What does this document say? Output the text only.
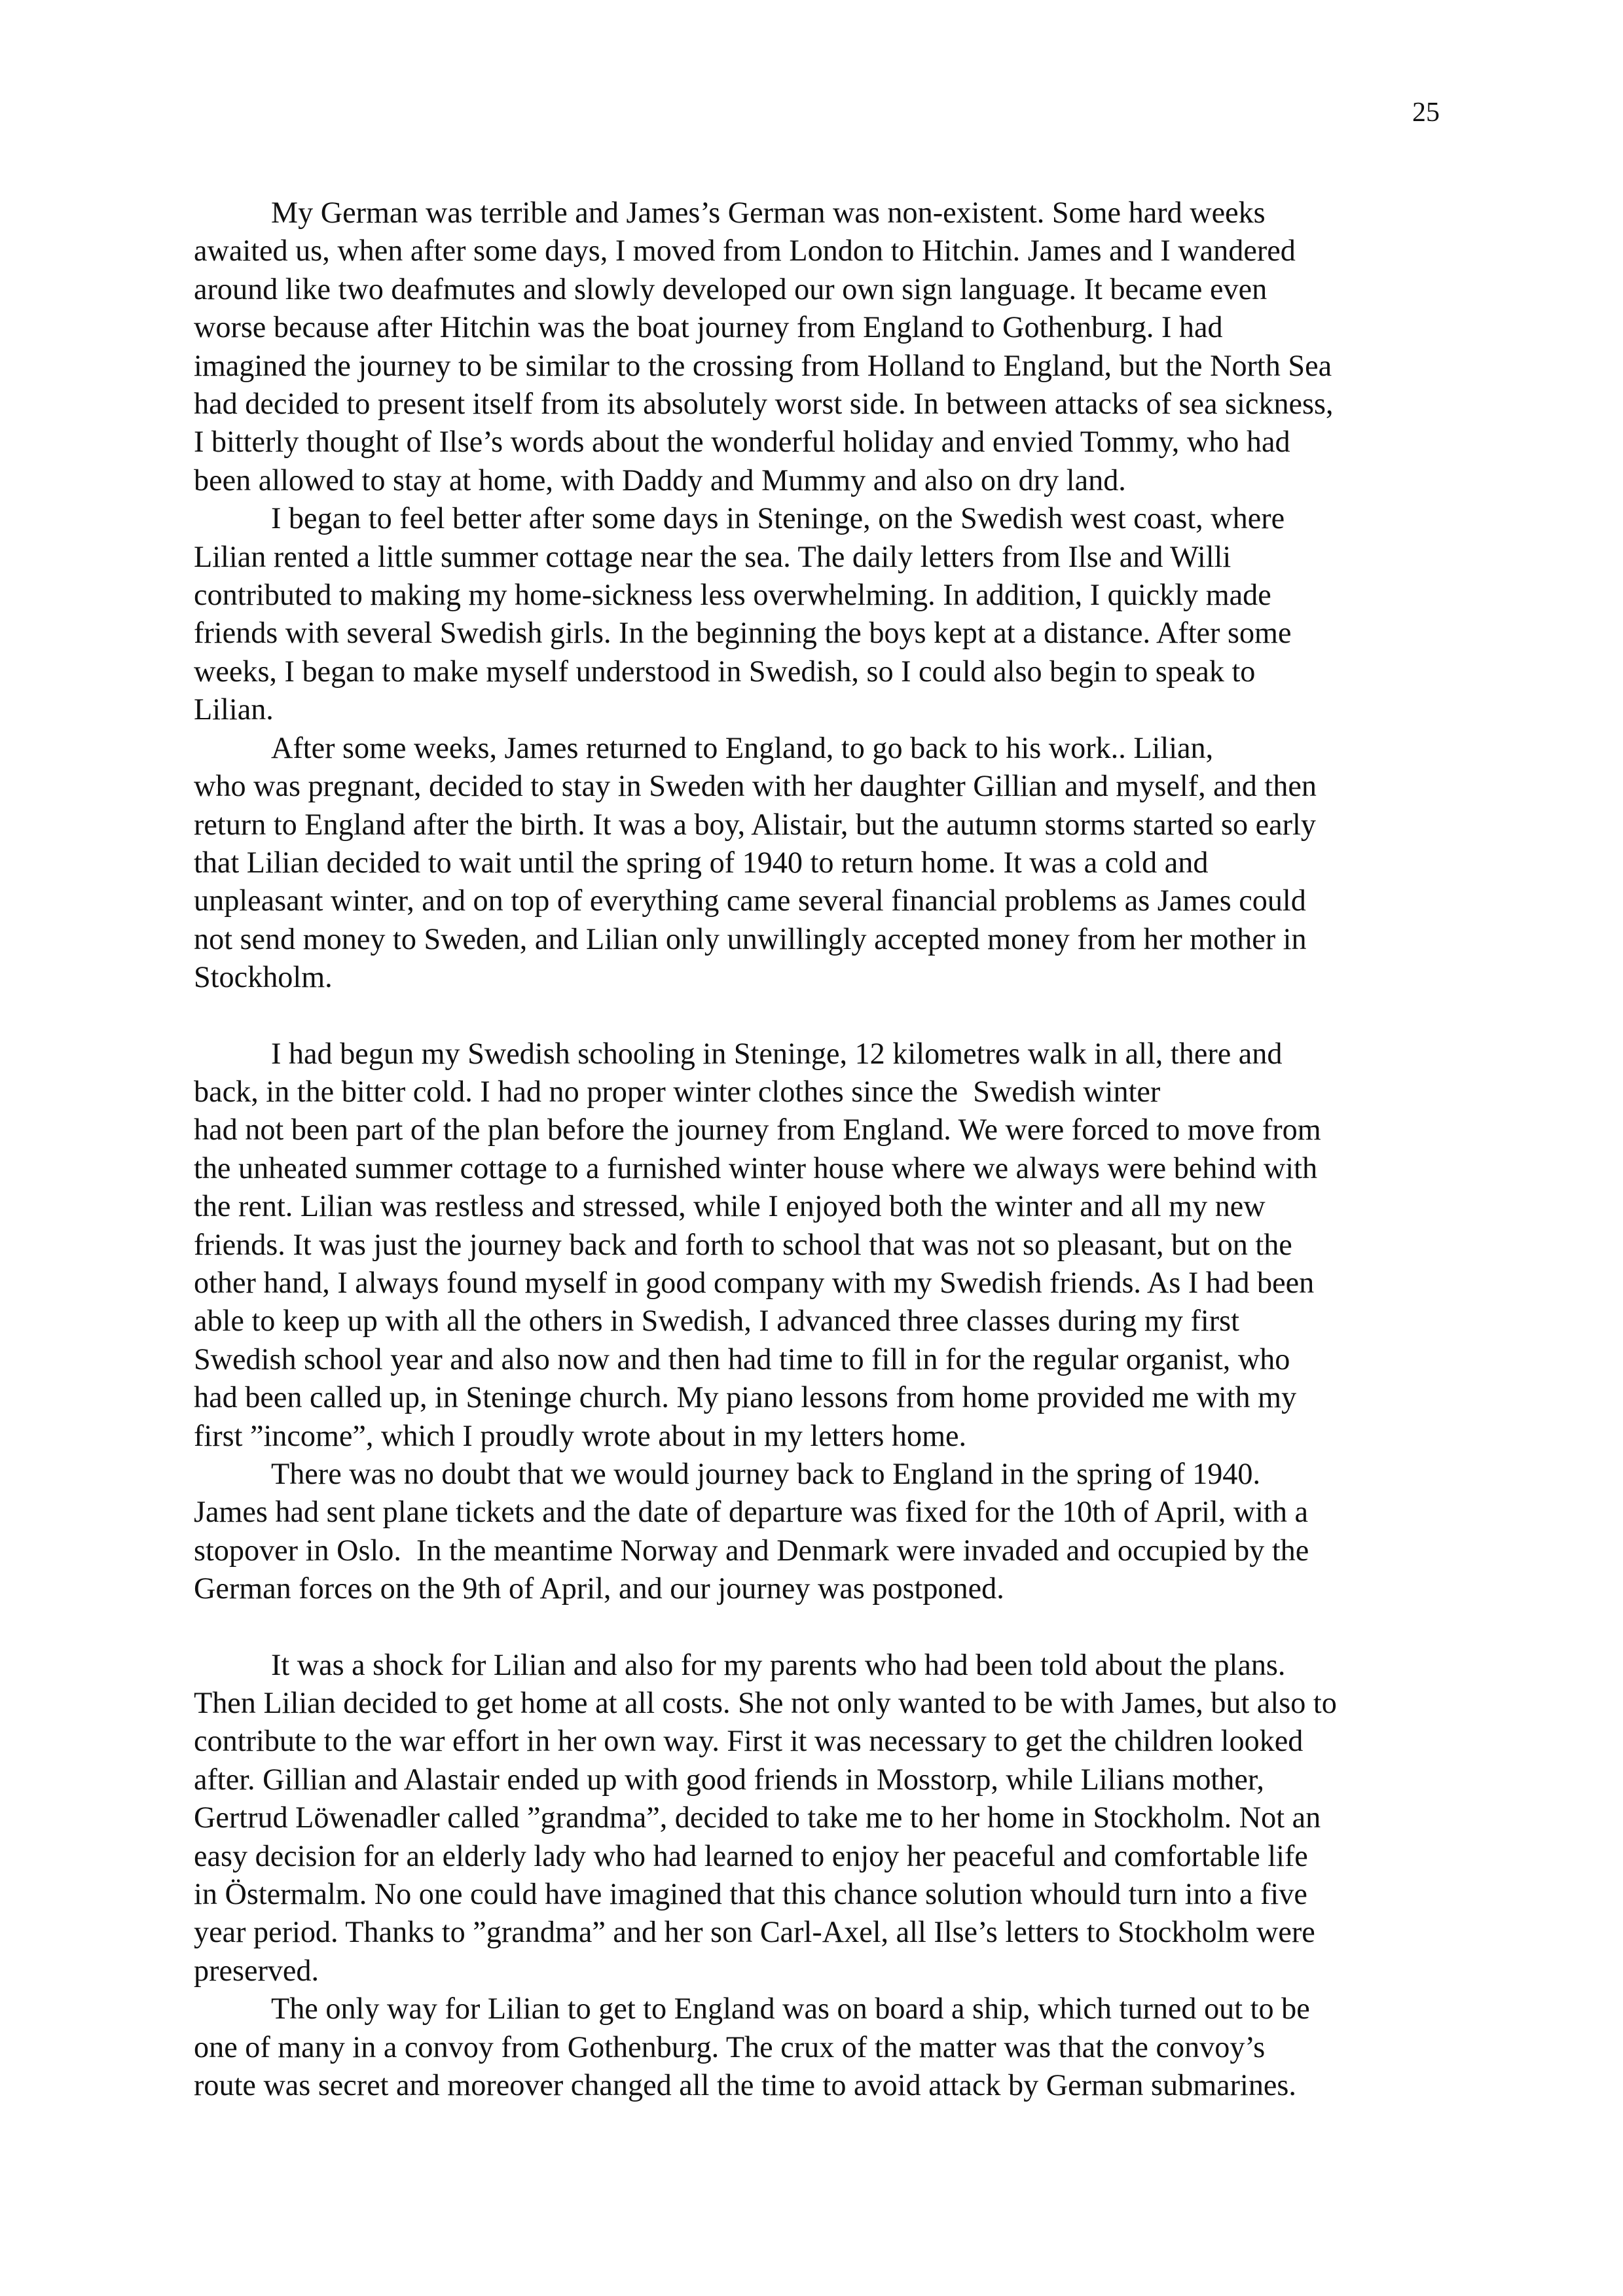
25
My German was terrible and James’s German was non-existent. Some hard weeks
awaited us, when after some days, I moved from London to Hitchin. James and I wandered
around like two deafmutes and slowly developed our own sign language. It became even
worse because after Hitchin was the boat journey from England to Gothenburg. I had
imagined the journey to be similar to the crossing from Holland to England, but the North Sea
had decided to present itself from its absolutely worst side. In between attacks of sea sickness,
I bitterly thought of Ilse’s words about the wonderful holiday and envied Tommy, who had
been allowed to stay at home, with Daddy and Mummy and also on dry land.
I began to feel better after some days in Steninge, on the Swedish west coast, where
Lilian rented a little summer cottage near the sea. The daily letters from Ilse and Willi
contributed to making my home-sickness less overwhelming. In addition, I quickly made
friends with several Swedish girls. In the beginning the boys kept at a distance. After some
weeks, I began to make myself understood in Swedish, so I could also begin to speak to
Lilian.
After some weeks, James returned to England, to go back to his work.. Lilian,
who was pregnant, decided to stay in Sweden with her daughter Gillian and myself, and then
return to England after the birth. It was a boy, Alistair, but the autumn storms started so early
that Lilian decided to wait until the spring of 1940 to return home. It was a cold and
unpleasant winter, and on top of everything came several financial problems as James could
not send money to Sweden, and Lilian only unwillingly accepted money from her mother in
Stockholm.
I had begun my Swedish schooling in Steninge, 12 kilometres walk in all, there and
back, in the bitter cold. I had no proper winter clothes since the  Swedish winter
had not been part of the plan before the journey from England. We were forced to move from
the unheated summer cottage to a furnished winter house where we always were behind with
the rent. Lilian was restless and stressed, while I enjoyed both the winter and all my new
friends. It was just the journey back and forth to school that was not so pleasant, but on the
other hand, I always found myself in good company with my Swedish friends. As I had been
able to keep up with all the others in Swedish, I advanced three classes during my first
Swedish school year and also now and then had time to fill in for the regular organist, who
had been called up, in Steninge church. My piano lessons from home provided me with my
first ”income”, which I proudly wrote about in my letters home.
There was no doubt that we would journey back to England in the spring of 1940.
James had sent plane tickets and the date of departure was fixed for the 10th of April, with a
stopover in Oslo.  In the meantime Norway and Denmark were invaded and occupied by the
German forces on the 9th of April, and our journey was postponed.
It was a shock for Lilian and also for my parents who had been told about the plans.
Then Lilian decided to get home at all costs. She not only wanted to be with James, but also to
contribute to the war effort in her own way. First it was necessary to get the children looked
after. Gillian and Alastair ended up with good friends in Mosstorp, while Lilians mother,
Gertrud Löwenadler called ”grandma”, decided to take me to her home in Stockholm. Not an
easy decision for an elderly lady who had learned to enjoy her peaceful and comfortable life
in Östermalm. No one could have imagined that this chance solution whould turn into a five
year period. Thanks to ”grandma” and her son Carl-Axel, all Ilse’s letters to Stockholm were
preserved.
The only way for Lilian to get to England was on board a ship, which turned out to be
one of many in a convoy from Gothenburg. The crux of the matter was that the convoy’s
route was secret and moreover changed all the time to avoid attack by German submarines.
